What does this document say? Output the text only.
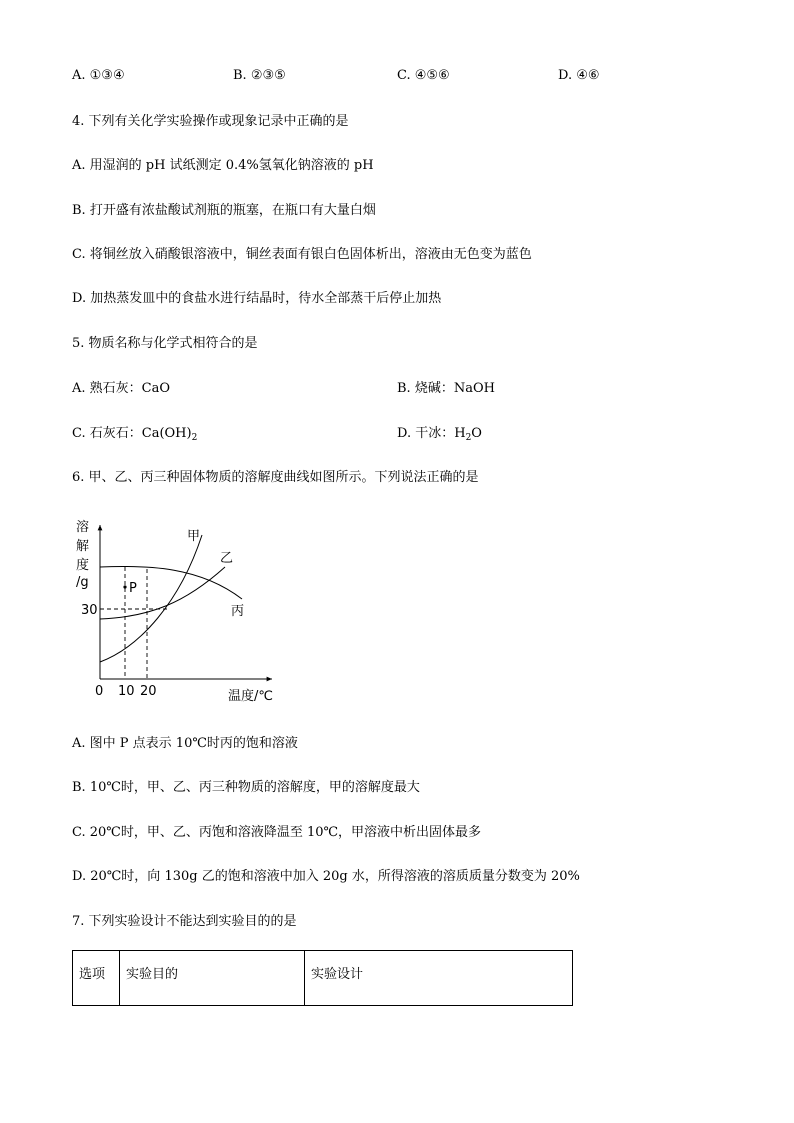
A. ①③④	B. ②③⑤	C. ④⑤⑥	D. ④⑥
4. 下列有关化学实验操作或现象记录中正确的是
A. 用湿润的 pH 试纸测定 0.4%氢氧化钠溶液的 pH
B. 打开盛有浓盐酸试剂瓶的瓶塞，在瓶口有大量白烟
C. 将铜丝放入硝酸银溶液中，铜丝表面有银白色固体析出，溶液由无色变为蓝色
D. 加热蒸发皿中的食盐水进行结晶时，待水全部蒸干后停止加热
5. 物质名称与化学式相符合的是
A. 熟石灰：CaO	B. 烧碱：NaOH
C. 石灰石：$Ca(OH)_2$	D. 干冰：$H_2O$
6. 甲、乙、丙三种固体物质的溶解度曲线如图所示。下列说法正确的是
溶
解
度
/g	P
甲
乙
丙
30
0 10 20	温度/℃
A. 图中 P 点表示 10℃时丙的饱和溶液
B. 10℃时，甲、乙、丙三种物质的溶解度，甲的溶解度最大
C. 20℃时，甲、乙、丙饱和溶液降温至 10℃，甲溶液中析出固体最多
D. 20℃时，向 130g 乙的饱和溶液中加入 20g 水，所得溶液的溶质质量分数变为 20%
7. 下列实验设计不能达到实验目的的是
选项	实验目的	实验设计
